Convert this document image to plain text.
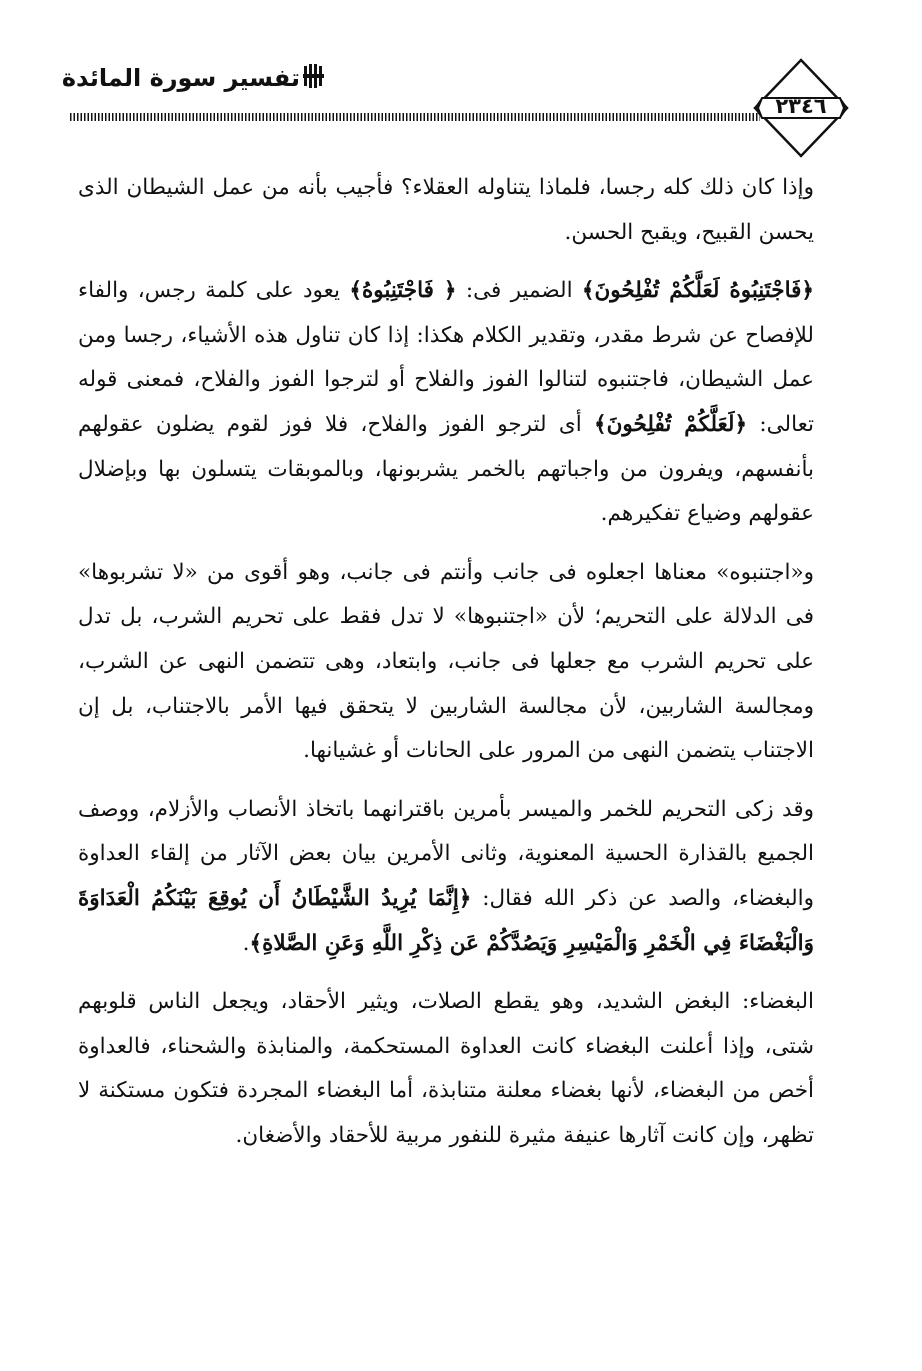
تفسير سورة المائدة
٢٣٤٦

وإذا كان ذلك كله رجسا، فلماذا يتناوله العقلاء؟ فأجيب بأنه من عمل الشيطان الذى يحسن القبيح، ويقبح الحسن.

﴿فَاجْتَنِبُوهُ لَعَلَّكُمْ تُفْلِحُونَ﴾ الضمير فى: ﴿ فَاجْتَنِبُوهُ﴾ يعود على كلمة رجس، والفاء للإفصاح عن شرط مقدر، وتقدير الكلام هكذا: إذا كان تناول هذه الأشياء، رجسا ومن عمل الشيطان، فاجتنبوه لتنالوا الفوز والفلاح أو لترجوا الفوز والفلاح، فمعنى قوله تعالى: ﴿لَعَلَّكُمْ تُفْلِحُونَ﴾ أى لترجو الفوز والفلاح، فلا فوز لقوم يضلون عقولهم بأنفسهم، ويفرون من واجباتهم بالخمر يشربونها، وبالموبقات يتسلون بها وبإضلال عقولهم وضياع تفكيرهم.

و«اجتنبوه» معناها اجعلوه فى جانب وأنتم فى جانب، وهو أقوى من «لا تشربوها» فى الدلالة على التحريم؛ لأن «اجتنبوها» لا تدل فقط على تحريم الشرب، بل تدل على تحريم الشرب مع جعلها فى جانب، وابتعاد، وهى تتضمن النهى عن الشرب، ومجالسة الشاربين، لأن مجالسة الشاربين لا يتحقق فيها الأمر بالاجتناب، بل إن الاجتناب يتضمن النهى من المرور على الحانات أو غشيانها.

وقد زكى التحريم للخمر والميسر بأمرين باقترانهما باتخاذ الأنصاب والأزلام، ووصف الجميع بالقذارة الحسية المعنوية، وثانى الأمرين بيان بعض الآثار من إلقاء العداوة والبغضاء، والصد عن ذكر الله فقال: ﴿إِنَّمَا يُرِيدُ الشَّيْطَانُ أَن يُوقِعَ بَيْنَكُمُ الْعَدَاوَةَ وَالْبَغْضَاءَ فِي الْخَمْرِ وَالْمَيْسِرِ وَيَصُدَّكُمْ عَن ذِكْرِ اللَّهِ وَعَنِ الصَّلاةِ﴾.

البغضاء: البغض الشديد، وهو يقطع الصلات، ويثير الأحقاد، ويجعل الناس قلوبهم شتى، وإذا أعلنت البغضاء كانت العداوة المستحكمة، والمنابذة والشحناء، فالعداوة أخص من البغضاء، لأنها بغضاء معلنة متنابذة، أما البغضاء المجردة فتكون مستكنة لا تظهر، وإن كانت آثارها عنيفة مثيرة للنفور مربية للأحقاد والأضغان.
